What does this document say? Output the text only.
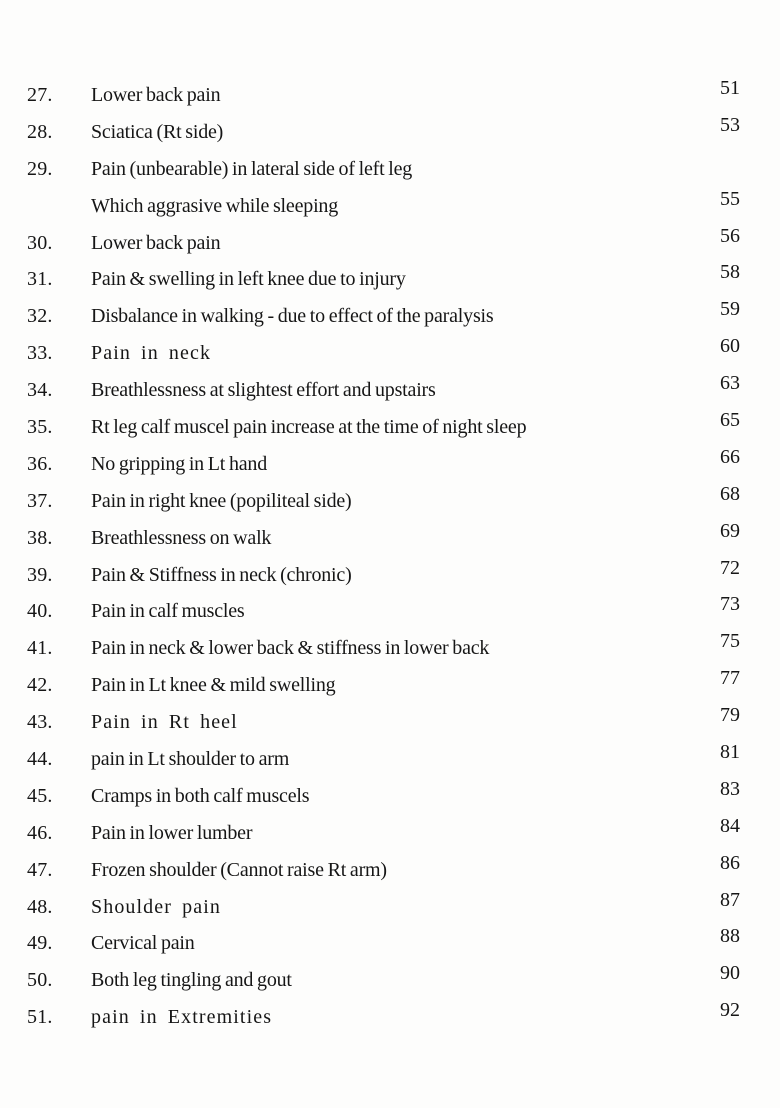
27.	Lower back pain	51
28.	Sciatica (Rt side)	53
29.	Pain (unbearable) in lateral side of left leg
Which aggrasive while sleeping	55
30.	Lower back pain	56
31.	Pain & swelling in left knee due to injury	58
32.	Disbalance in walking - due to effect of the paralysis	59
33.	Pain in neck	60
34.	Breathlessness at slightest effort and upstairs	63
35.	Rt leg calf muscel pain increase at the time of night sleep	65
36.	No gripping in Lt hand	66
37.	Pain in right knee (popiliteal side)	68
38.	Breathlessness on walk	69
39.	Pain & Stiffness in neck (chronic)	72
40.	Pain in calf muscles	73
41.	Pain in neck & lower back & stiffness in lower back	75
42.	Pain in Lt knee & mild swelling	77
43.	Pain in Rt heel	79
44.	pain in Lt shoulder to arm	81
45.	Cramps in both calf muscels	83
46.	Pain in lower lumber	84
47.	Frozen shoulder (Cannot raise Rt arm)	86
48.	Shoulder pain	87
49.	Cervical pain	88
50.	Both leg tingling and gout	90
51.	pain in Extremities	92
